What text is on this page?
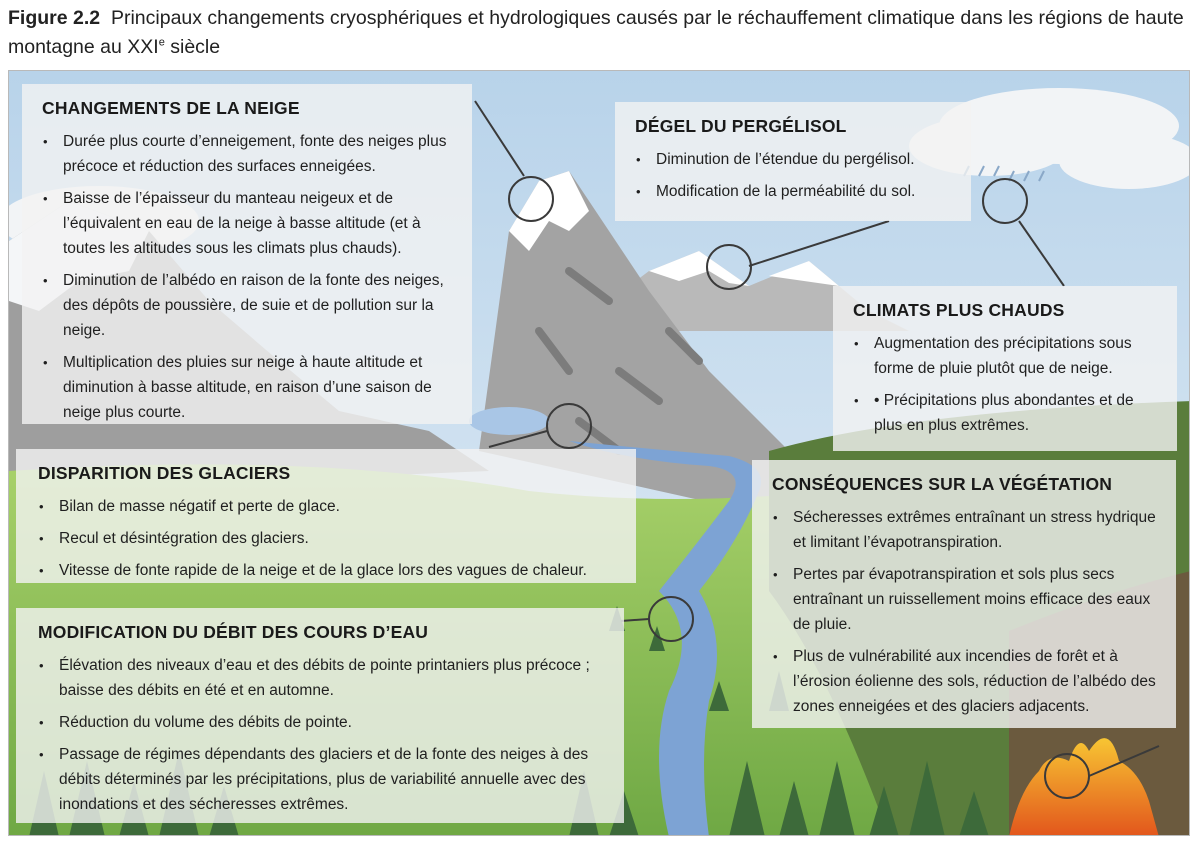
Figure 2.2 Principaux changements cryosphériques et hydrologiques causés par le réchauffement climatique dans les régions de haute montagne au XXIe siècle
CHANGEMENTS DE LA NEIGE
• Durée plus courte d’enneigement, fonte des neiges plus précoce et réduction des surfaces enneigées.
• Baisse de l’épaisseur du manteau neigeux et de l’équivalent en eau de la neige à basse altitude (et à toutes les altitudes sous les climats plus chauds).
• Diminution de l’albédo en raison de la fonte des neiges, des dépôts de poussière, de suie et de pollution sur la neige.
• Multiplication des pluies sur neige à haute altitude et diminution à basse altitude, en raison d’une saison de neige plus courte.
DÉGEL DU PERGÉLISOL
• Diminution de l’étendue du pergélisol.
• Modification de la perméabilité du sol.
CLIMATS PLUS CHAUDS
• Augmentation des précipitations sous forme de pluie plutôt que de neige.
• • Précipitations plus abondantes et de plus en plus extrêmes.
DISPARITION DES GLACIERS
• Bilan de masse négatif et perte de glace.
• Recul et désintégration des glaciers.
• Vitesse de fonte rapide de la neige et de la glace lors des vagues de chaleur.
CONSÉQUENCES SUR LA VÉGÉTATION
• Sécheresses extrêmes entraînant un stress hydrique et limitant l’évapotranspiration.
• Pertes par évapotranspiration et sols plus secs entraînant un ruissellement moins efficace des eaux de pluie.
• Plus de vulnérabilité aux incendies de forêt et à l’érosion éolienne des sols, réduction de l’albédo des zones enneigées et des glaciers adjacents.
MODIFICATION DU DÉBIT DES COURS D’EAU
• Élévation des niveaux d’eau et des débits de pointe printaniers plus précoce ; baisse des débits en été et en automne.
• Réduction du volume des débits de pointe.
• Passage de régimes dépendants des glaciers et de la fonte des neiges à des débits déterminés par les précipitations, plus de variabilité annuelle avec des inondations et des sécheresses extrêmes.
